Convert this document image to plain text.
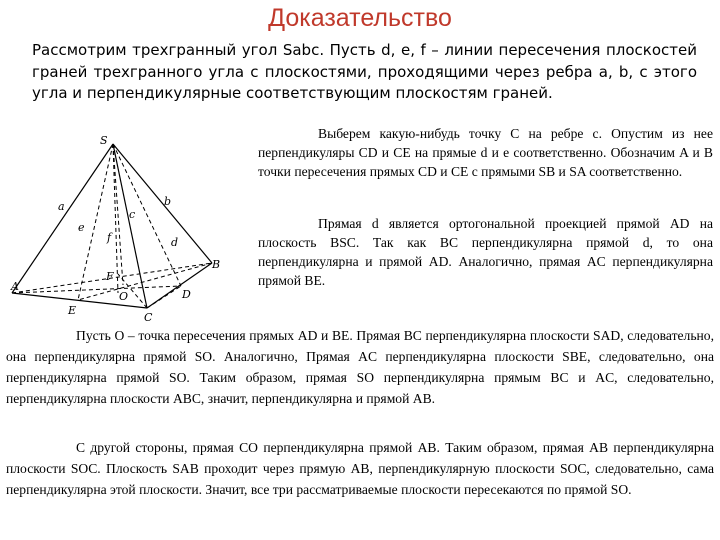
Доказательство
Рассмотрим трехгранный угол Sabc. Пусть d, e, f – линии пересечения плоскостей граней трехгранного угла с плоскостями, проходящими через ребра a, b, c этого угла и перпендикулярные соответствующим плоскостям граней.
S
a	b
c
e
f	d
F
A
B
O	D
E
C
Выберем какую-нибудь точку C на ребре c. Опустим из нее перпендикуляры CD и CE на прямые d и e соответственно. Обозначим A и B точки пересечения прямых CD и CE с прямыми SB и SA соответственно.
Прямая d является ортогональной проекцией прямой AD на плоскость BSC. Так как BC перпендикулярна прямой d, то она перпендикулярна и прямой AD. Аналогично, прямая AC перпендикулярна прямой BE.
Пусть O – точка пересечения прямых AD и BE. Прямая BC перпендикулярна плоскости SAD, следовательно, она перпендикулярна прямой SO. Аналогично, Прямая AC перпендикулярна плоскости SBE, следовательно, она перпендикулярна прямой SO. Таким образом, прямая SO перпендикулярна прямым BC и AC, следовательно, перпендикулярна плоскости ABC, значит, перпендикулярна и прямой AB.
С другой стороны, прямая CO перпендикулярна прямой AB. Таким образом, прямая AB перпендикулярна плоскости SOC. Плоскость SAB проходит через прямую AB, перпендикулярную плоскости SOC, следовательно, сама перпендикулярна этой плоскости. Значит, все три рассматриваемые плоскости пересекаются по прямой SO.
